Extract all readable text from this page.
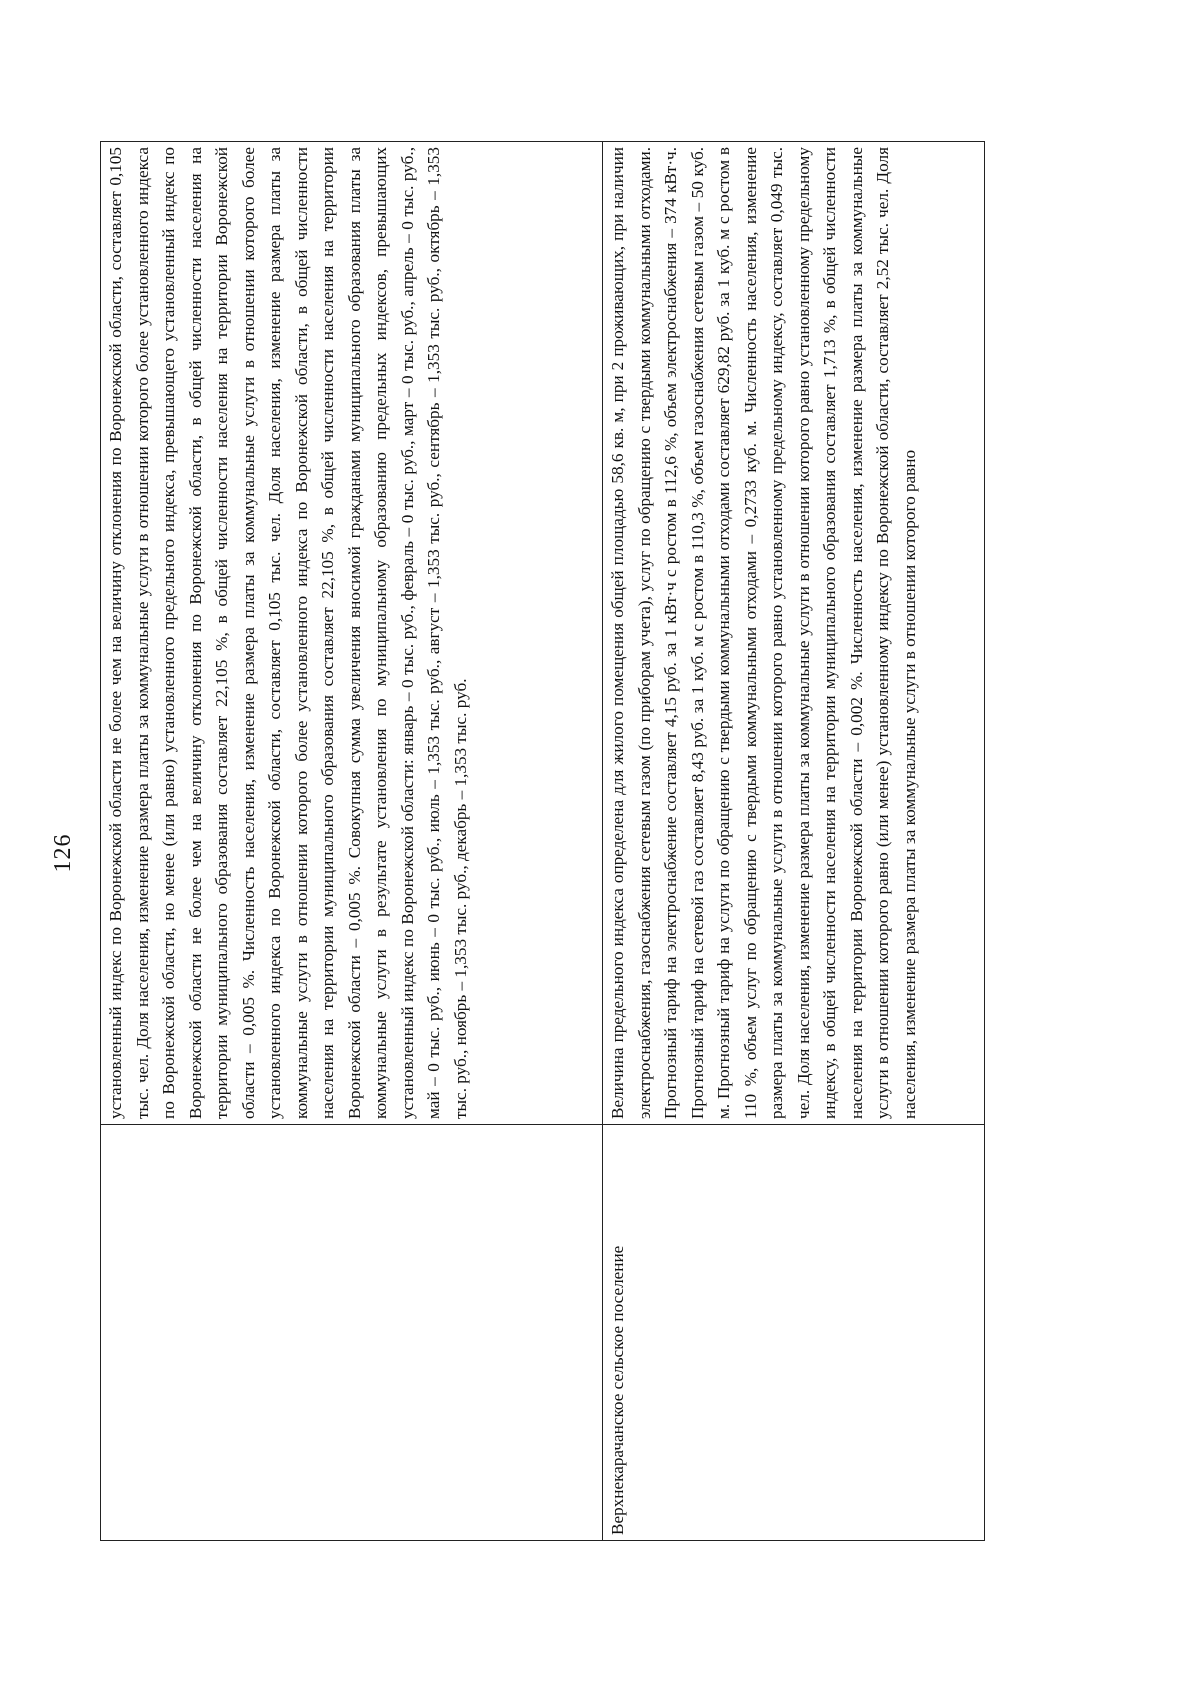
126
	установленный индекс по Воронежской области не более чем на величину отклонения по Воронежской области, составляет 0,105 тыс. чел. Доля населения, изменение размера платы за коммунальные услуги в отношении которого более установленного индекса по Воронежской области, но менее (или равно) установленного предельного индекса, превышающего установленный индекс по Воронежской области не более чем на величину отклонения по Воронежской области, в общей численности населения на территории муниципального образования составляет 22,105 %, в общей численности населения на территории Воронежской области – 0,005 %. Численность населения, изменение размера платы за коммунальные услуги в отношении которого более установленного индекса по Воронежской области, составляет 0,105 тыс. чел. Доля населения, изменение размера платы за коммунальные услуги в отношении которого более установленного индекса по Воронежской области, в общей численности населения на территории муниципального образования составляет 22,105 %, в общей численности населения на территории Воронежской области – 0,005 %. Совокупная сумма увеличения вносимой гражданами муниципального образования платы за коммунальные услуги в результате установления по муниципальному образованию предельных индексов, превышающих установленный индекс по Воронежской области: январь – 0 тыс. руб., февраль – 0 тыс. руб., март – 0 тыс. руб., апрель – 0 тыс. руб., май – 0 тыс. руб., июнь – 0 тыс. руб., июль – 1,353 тыс. руб., август – 1,353 тыс. руб., сентябрь – 1,353 тыс. руб., октябрь – 1,353 тыс. руб., ноябрь – 1,353 тыс. руб., декабрь – 1,353 тыс. руб.
Верхнекарачанское сельское поселение	Величина предельного индекса определена для жилого помещения общей площадью 58,6 кв. м, при 2 проживающих, при наличии электроснабжения, газоснабжения сетевым газом (по приборам учета), услуг по обращению с твердыми коммунальными отходами. Прогнозный тариф на электроснабжение составляет 4,15 руб. за 1 кВт·ч с ростом в 112,6 %, объем электроснабжения – 374 кВт·ч. Прогнозный тариф на сетевой газ составляет 8,43 руб. за 1 куб. м с ростом в 110,3 %, объем газоснабжения сетевым газом – 50 куб. м. Прогнозный тариф на услуги по обращению с твердыми коммунальными отходами составляет 629,82 руб. за 1 куб. м с ростом в 110 %, объем услуг по обращению с твердыми коммунальными отходами – 0,2733 куб. м. Численность населения, изменение размера платы за коммунальные услуги в отношении которого равно установленному предельному индексу, составляет 0,049 тыс. чел. Доля населения, изменение размера платы за коммунальные услуги в отношении которого равно установленному предельному индексу, в общей численности населения на территории муниципального образования составляет 1,713 %, в общей численности населения на территории Воронежской области – 0,002 %. Численность населения, изменение размера платы за коммунальные услуги в отношении которого равно (или менее) установленному индексу по Воронежской области, составляет 2,52 тыс. чел. Доля населения, изменение размера платы за коммунальные услуги в отношении которого равно
